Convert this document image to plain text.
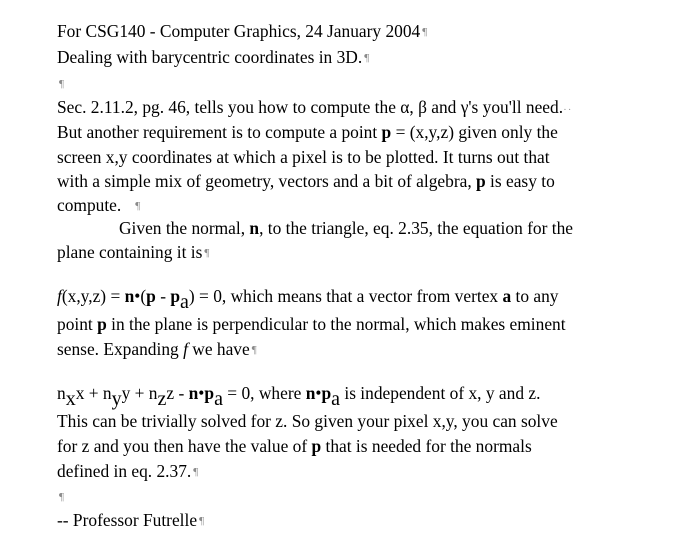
For CSG140 - Computer Graphics, 24 January 2004 ¶
Dealing with barycentric coordinates in 3D. ¶
¶
Sec. 2.11.2, pg. 46, tells you how to compute the α, β and γ's you'll need.··
But another requirement is to compute a point p = (x,y,z) given only the
screen x,y coordinates at which a pixel is to be plotted. It turns out that
with a simple mix of geometry, vectors and a bit of algebra, p is easy to
compute. ¶
Given the normal, n, to the triangle, eq. 2.35, the equation for the
plane containing it is ¶
f(x,y,z) = n•(p - pa) = 0, which means that a vector from vertex a to any
point p in the plane is perpendicular to the normal, which makes eminent
sense. Expanding f we have ¶
nxx + nyy + nzz - n•pa = 0, where n•pa is independent of x, y and z.
This can be trivially solved for z. So given your pixel x,y, you can solve
for z and you then have the value of p that is needed for the normals
defined in eq. 2.37. ¶
¶
-- Professor Futrelle ¶
